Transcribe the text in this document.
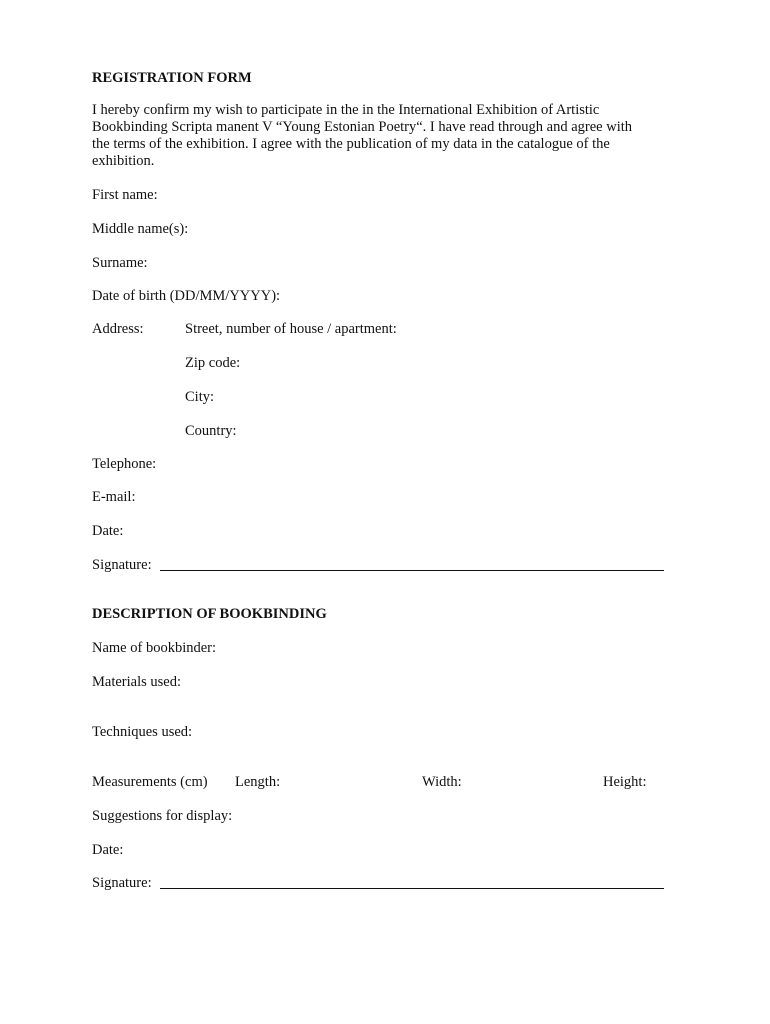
REGISTRATION FORM
I hereby confirm my wish to participate in the in the International Exhibition of Artistic
Bookbinding Scripta manent V “Young Estonian Poetry“. I have read through and agree with
the terms of the exhibition. I agree with the publication of my data in the catalogue of the
exhibition.
First name:
Middle name(s):
Surname:
Date of birth (DD/MM/YYYY):
Address:	Street, number of house / apartment:
Zip code:
City:
Country:
Telephone:
E-mail:
Date:
Signature:
DESCRIPTION OF BOOKBINDING
Name of bookbinder:
Materials used:
Techniques used:
Measurements (cm) Length:	Width:	Height:
Suggestions for display:
Date:
Signature:
